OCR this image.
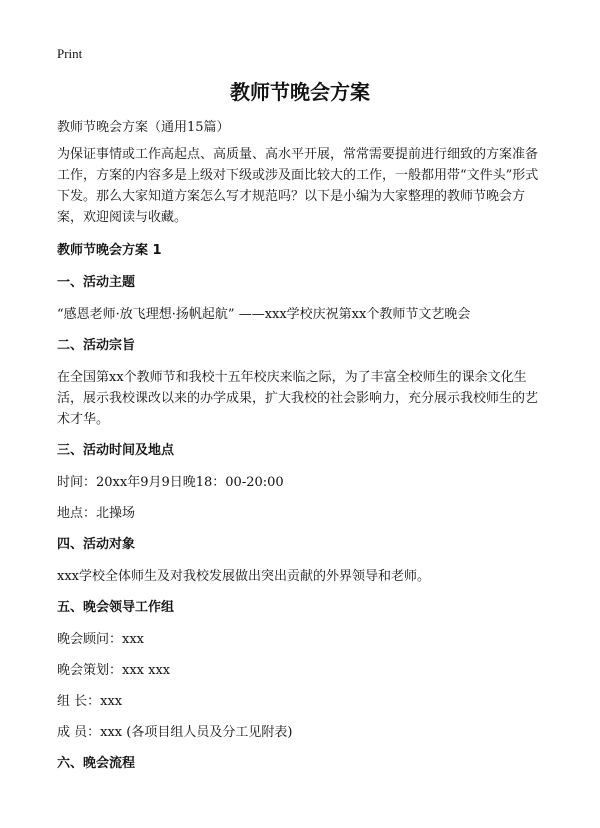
Print
教师节晚会方案
教师节晚会方案（通用15篇）
为保证事情或工作高起点、高质量、高水平开展，常常需要提前进行细致的方案准备工作，方案的内容多是上级对下级或涉及面比较大的工作，一般都用带“文件头”形式下发。那么大家知道方案怎么写才规范吗？以下是小编为大家整理的教师节晚会方案，欢迎阅读与收藏。
教师节晚会方案 1
一、活动主题
“感恩老师·放飞理想·扬帆起航” ——xxx学校庆祝第xx个教师节文艺晚会
二、活动宗旨
在全国第xx个教师节和我校十五年校庆来临之际，为了丰富全校师生的课余文化生活，展示我校课改以来的办学成果，扩大我校的社会影响力，充分展示我校师生的艺术才华。
三、活动时间及地点
时间：20xx年9月9日晚18：00-20:00
地点：北操场
四、活动对象
xxx学校全体师生及对我校发展做出突出贡献的外界领导和老师。
五、晚会领导工作组
晚会顾问：xxx
晚会策划：xxx xxx
组 长：xxx
成 员：xxx (各项目组人员及分工见附表)
六、晚会流程
